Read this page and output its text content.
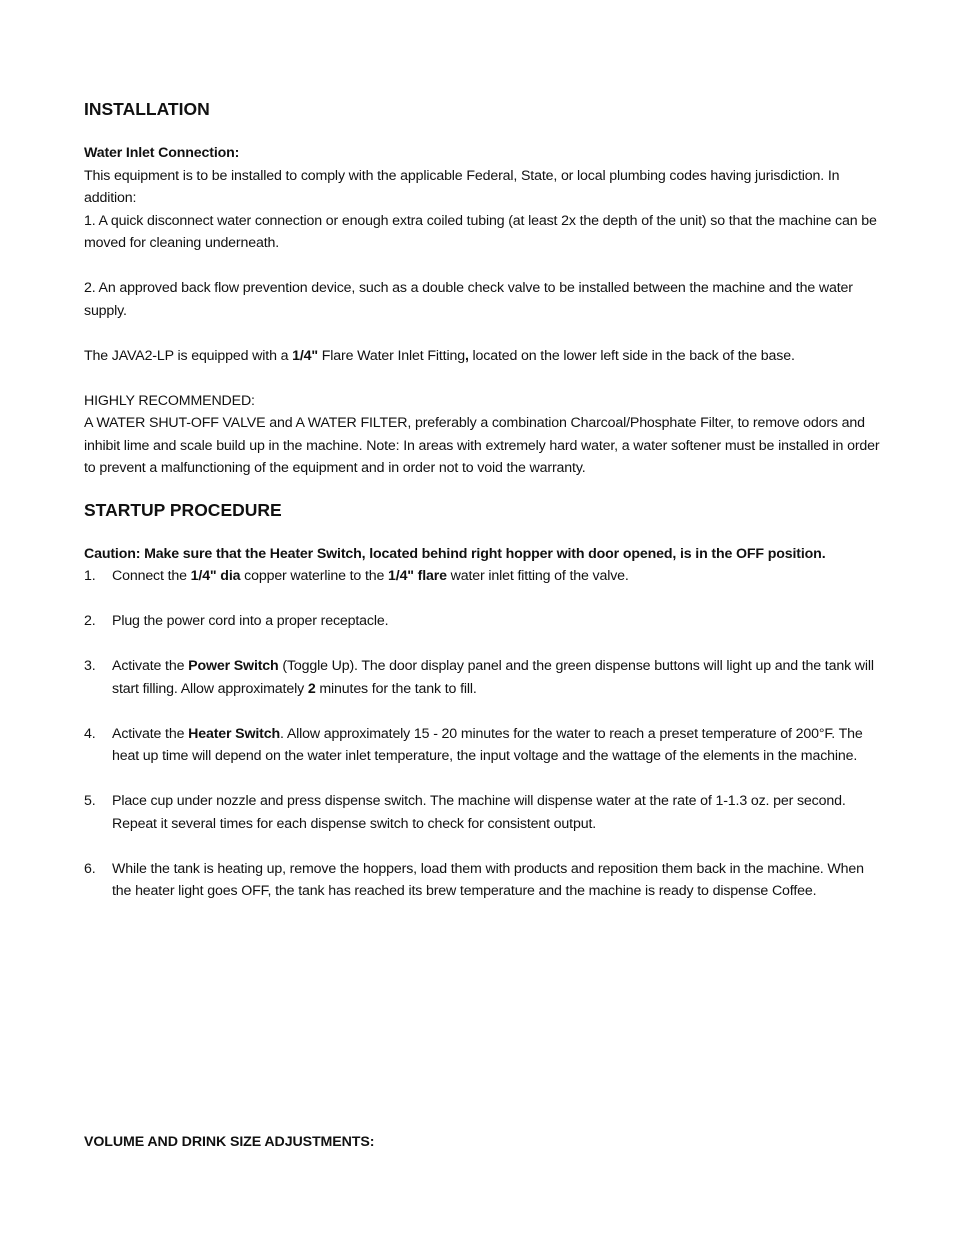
INSTALLATION

Water Inlet Connection:

This equipment is to be installed to comply with the applicable Federal, State, or local plumbing codes having jurisdiction. In addition:

1. A quick disconnect water connection or enough extra coiled tubing (at least 2x the depth of the unit) so that the machine can be moved for cleaning underneath.

2. An approved back flow prevention device, such as a double check valve to be installed between the machine and the water supply.

The JAVA2-LP is equipped with a 1/4" Flare Water Inlet Fitting, located on the lower left side in the back of the base.

HIGHLY RECOMMENDED:

A WATER SHUT-OFF VALVE and A WATER FILTER, preferably a combination Charcoal/Phosphate Filter, to remove odors and inhibit lime and scale build up in the machine. Note: In areas with extremely hard water, a water softener must be installed in order to prevent a malfunctioning of the equipment and in order not to void the warranty.

STARTUP PROCEDURE

Caution: Make sure that the Heater Switch, located behind right hopper with door opened, is in the OFF position.

1. Connect the 1/4" dia copper waterline to the 1/4" flare water inlet fitting of the valve.
2. Plug the power cord into a proper receptacle.
3. Activate the Power Switch (Toggle Up). The door display panel and the green dispense buttons will light up and the tank will start filling. Allow approximately 2 minutes for the tank to fill.
4. Activate the Heater Switch. Allow approximately 15 - 20 minutes for the water to reach a preset temperature of 200°F. The heat up time will depend on the water inlet temperature, the input voltage and the wattage of the elements in the machine.
5. Place cup under nozzle and press dispense switch. The machine will dispense water at the rate of 1-1.3 oz. per second. Repeat it several times for each dispense switch to check for consistent output.
6. While the tank is heating up, remove the hoppers, load them with products and reposition them back in the machine. When the heater light goes OFF, the tank has reached its brew temperature and the machine is ready to dispense Coffee.
VOLUME AND DRINK SIZE ADJUSTMENTS:
